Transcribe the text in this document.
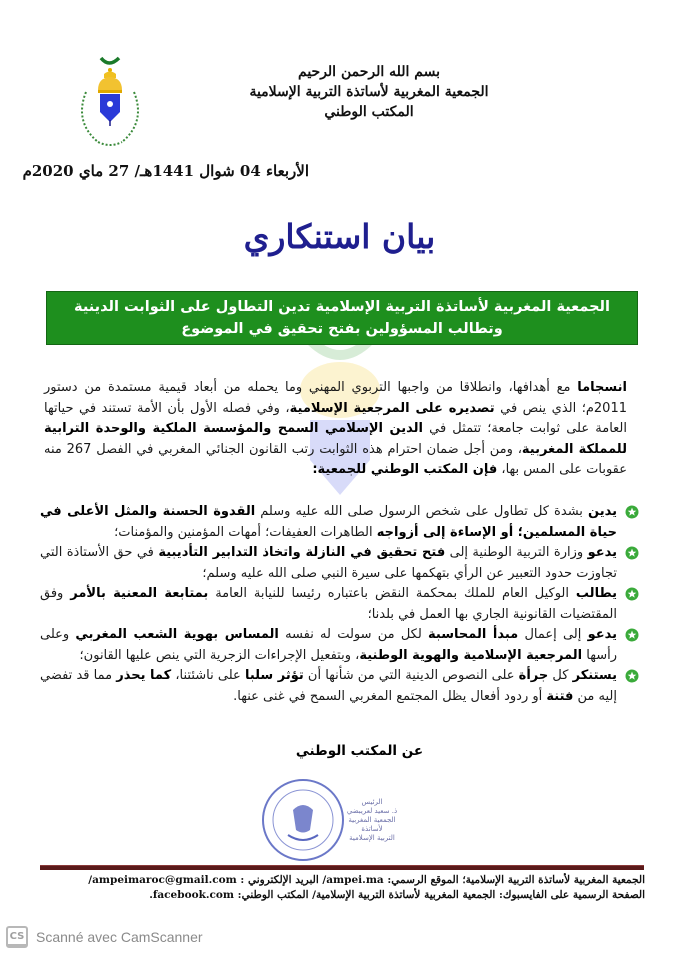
بسم الله الرحمن الرحيم
الجمعية المغربية لأساتذة التربية الإسلامية
المكتب الوطني
الأربعاء 04 شوال 1441هـ/ 27 ماي 2020م
بيان استنكاري
الجمعية المغربية لأساتذة التربية الإسلامية تدين التطاول على الثوابت الدينية
وتطالب المسؤولين بفتح تحقيق في الموضوع
انسجاما مع أهدافها، وانطلاقا من واجبها التربوي المهني وما يحمله من أبعاد قيمية مستمدة من دستور 2011م؛ الذي ينص في تصديره على المرجعية الإسلامية، وفي فصله الأول بأن الأمة تستند في حياتها العامة على ثوابت جامعة؛ تتمثل في الدين الإسلامي السمح والمؤسسة الملكية والوحدة الترابية للمملكة المغربية، ومن أجل ضمان احترام هذه الثوابت رتب القانون الجنائي المغربي في الفصل 267 منه عقوبات على المس بها، فإن المكتب الوطني للجمعية:
يدين بشدة كل تطاول على شخص الرسول صلى الله عليه وسلم القدوة الحسنة والمثل الأعلى في حياة المسلمين؛ أو الإساءة إلى أزواجه الطاهرات العفيفات؛ أمهات المؤمنين والمؤمنات؛
يدعو وزارة التربية الوطنية إلى فتح تحقيق في النازلة واتخاذ التدابير التأديبية في حق الأستاذة التي تجاوزت حدود التعبير عن الرأي بتهكمها على سيرة النبي صلى الله عليه وسلم؛
يطالب الوكيل العام للملك بمحكمة النقض باعتباره رئيسا للنيابة العامة بمتابعة المعنية بالأمر وفق المقتضيات القانونية الجاري بها العمل في بلدنا؛
يدعو إلى إعمال مبدأ المحاسبة لكل من سولت له نفسه المساس بهوية الشعب المغربي وعلى رأسها المرجعية الإسلامية والهوية الوطنية، وبتفعيل الإجراءات الزجرية التي ينص عليها القانون؛
يستنكر كل جرأة على النصوص الدينية التي من شأنها أن تؤثر سلبا على ناشئتنا، كما يحذر مما قد تفضي إليه من فتنة أو ردود أفعال يظل المجتمع المغربي السمح في غنى عنها.
عن المكتب الوطني
الرئيس
ذ. سعيد لعريبضي
الجمعية المغربية لأساتذة
التربية الإسلامية
الجمعية المغربية لأساتذة التربية الإسلامية؛ الموقع الرسمي: ampei.ma/ البريد الإلكتروني : ampeimaroc@gmail.com/
الصفحة الرسمية على الفايسبوك: الجمعية المغربية لأساتذة التربية الإسلامية/ المكتب الوطني: facebook.com.
CS Scanné avec CamScanner
